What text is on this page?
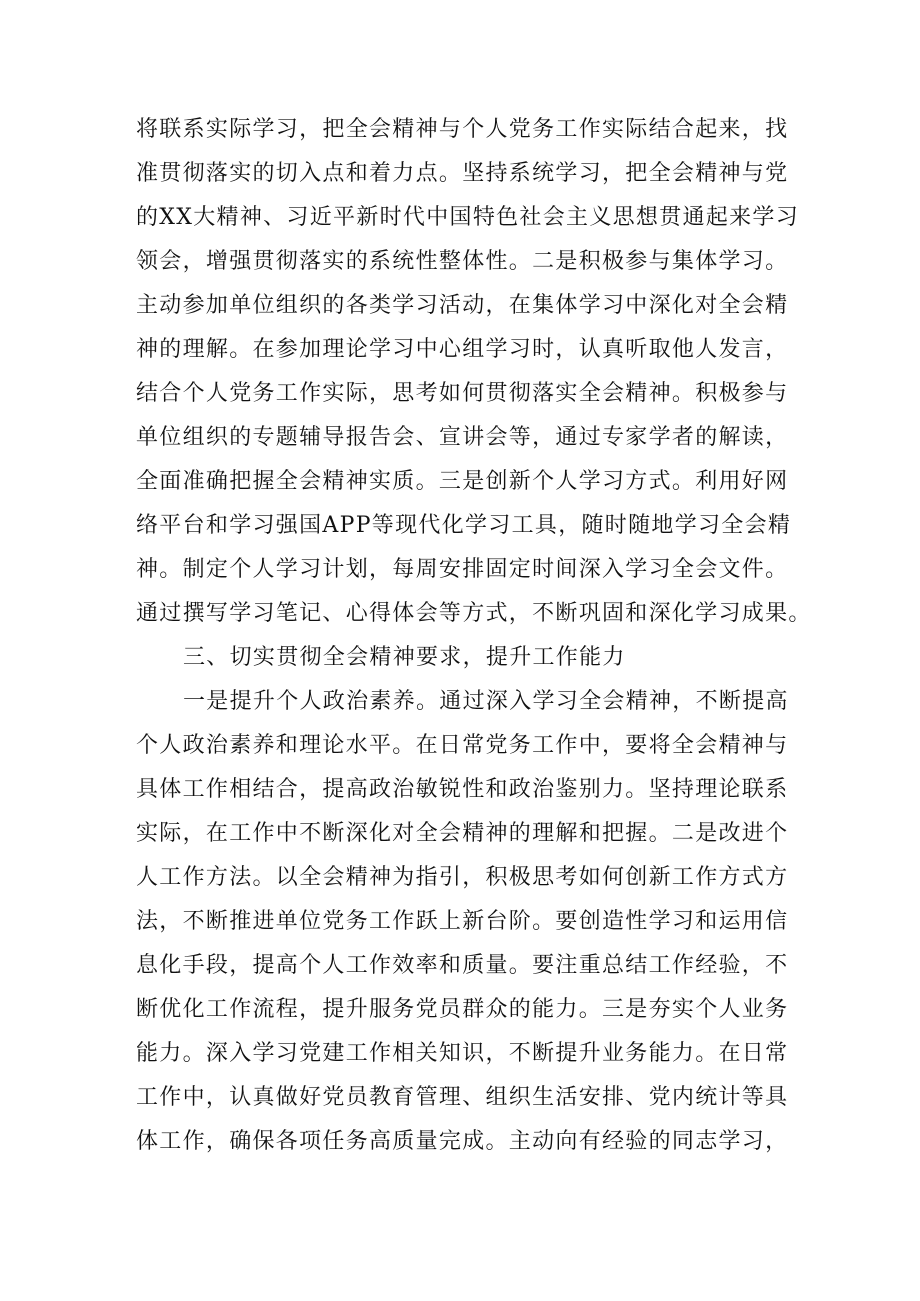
将联系实际学习，把全会精神与个人党务工作实际结合起来，找
准贯彻落实的切入点和着力点。坚持系统学习，把全会精神与党
的XX大精神、习近平新时代中国特色社会主义思想贯通起来学习
领会，增强贯彻落实的系统性整体性。二是积极参与集体学习。
主动参加单位组织的各类学习活动，在集体学习中深化对全会精
神的理解。在参加理论学习中心组学习时，认真听取他人发言，
结合个人党务工作实际，思考如何贯彻落实全会精神。积极参与
单位组织的专题辅导报告会、宣讲会等，通过专家学者的解读，
全面准确把握全会精神实质。三是创新个人学习方式。利用好网
络平台和学习强国APP等现代化学习工具，随时随地学习全会精
神。制定个人学习计划，每周安排固定时间深入学习全会文件。
通过撰写学习笔记、心得体会等方式，不断巩固和深化学习成果。
三、切实贯彻全会精神要求，提升工作能力
一是提升个人政治素养。通过深入学习全会精神，不断提高
个人政治素养和理论水平。在日常党务工作中，要将全会精神与
具体工作相结合，提高政治敏锐性和政治鉴别力。坚持理论联系
实际，在工作中不断深化对全会精神的理解和把握。二是改进个
人工作方法。以全会精神为指引，积极思考如何创新工作方式方
法，不断推进单位党务工作跃上新台阶。要创造性学习和运用信
息化手段，提高个人工作效率和质量。要注重总结工作经验，不
断优化工作流程，提升服务党员群众的能力。三是夯实个人业务
能力。深入学习党建工作相关知识，不断提升业务能力。在日常
工作中，认真做好党员教育管理、组织生活安排、党内统计等具
体工作，确保各项任务高质量完成。主动向有经验的同志学习，
